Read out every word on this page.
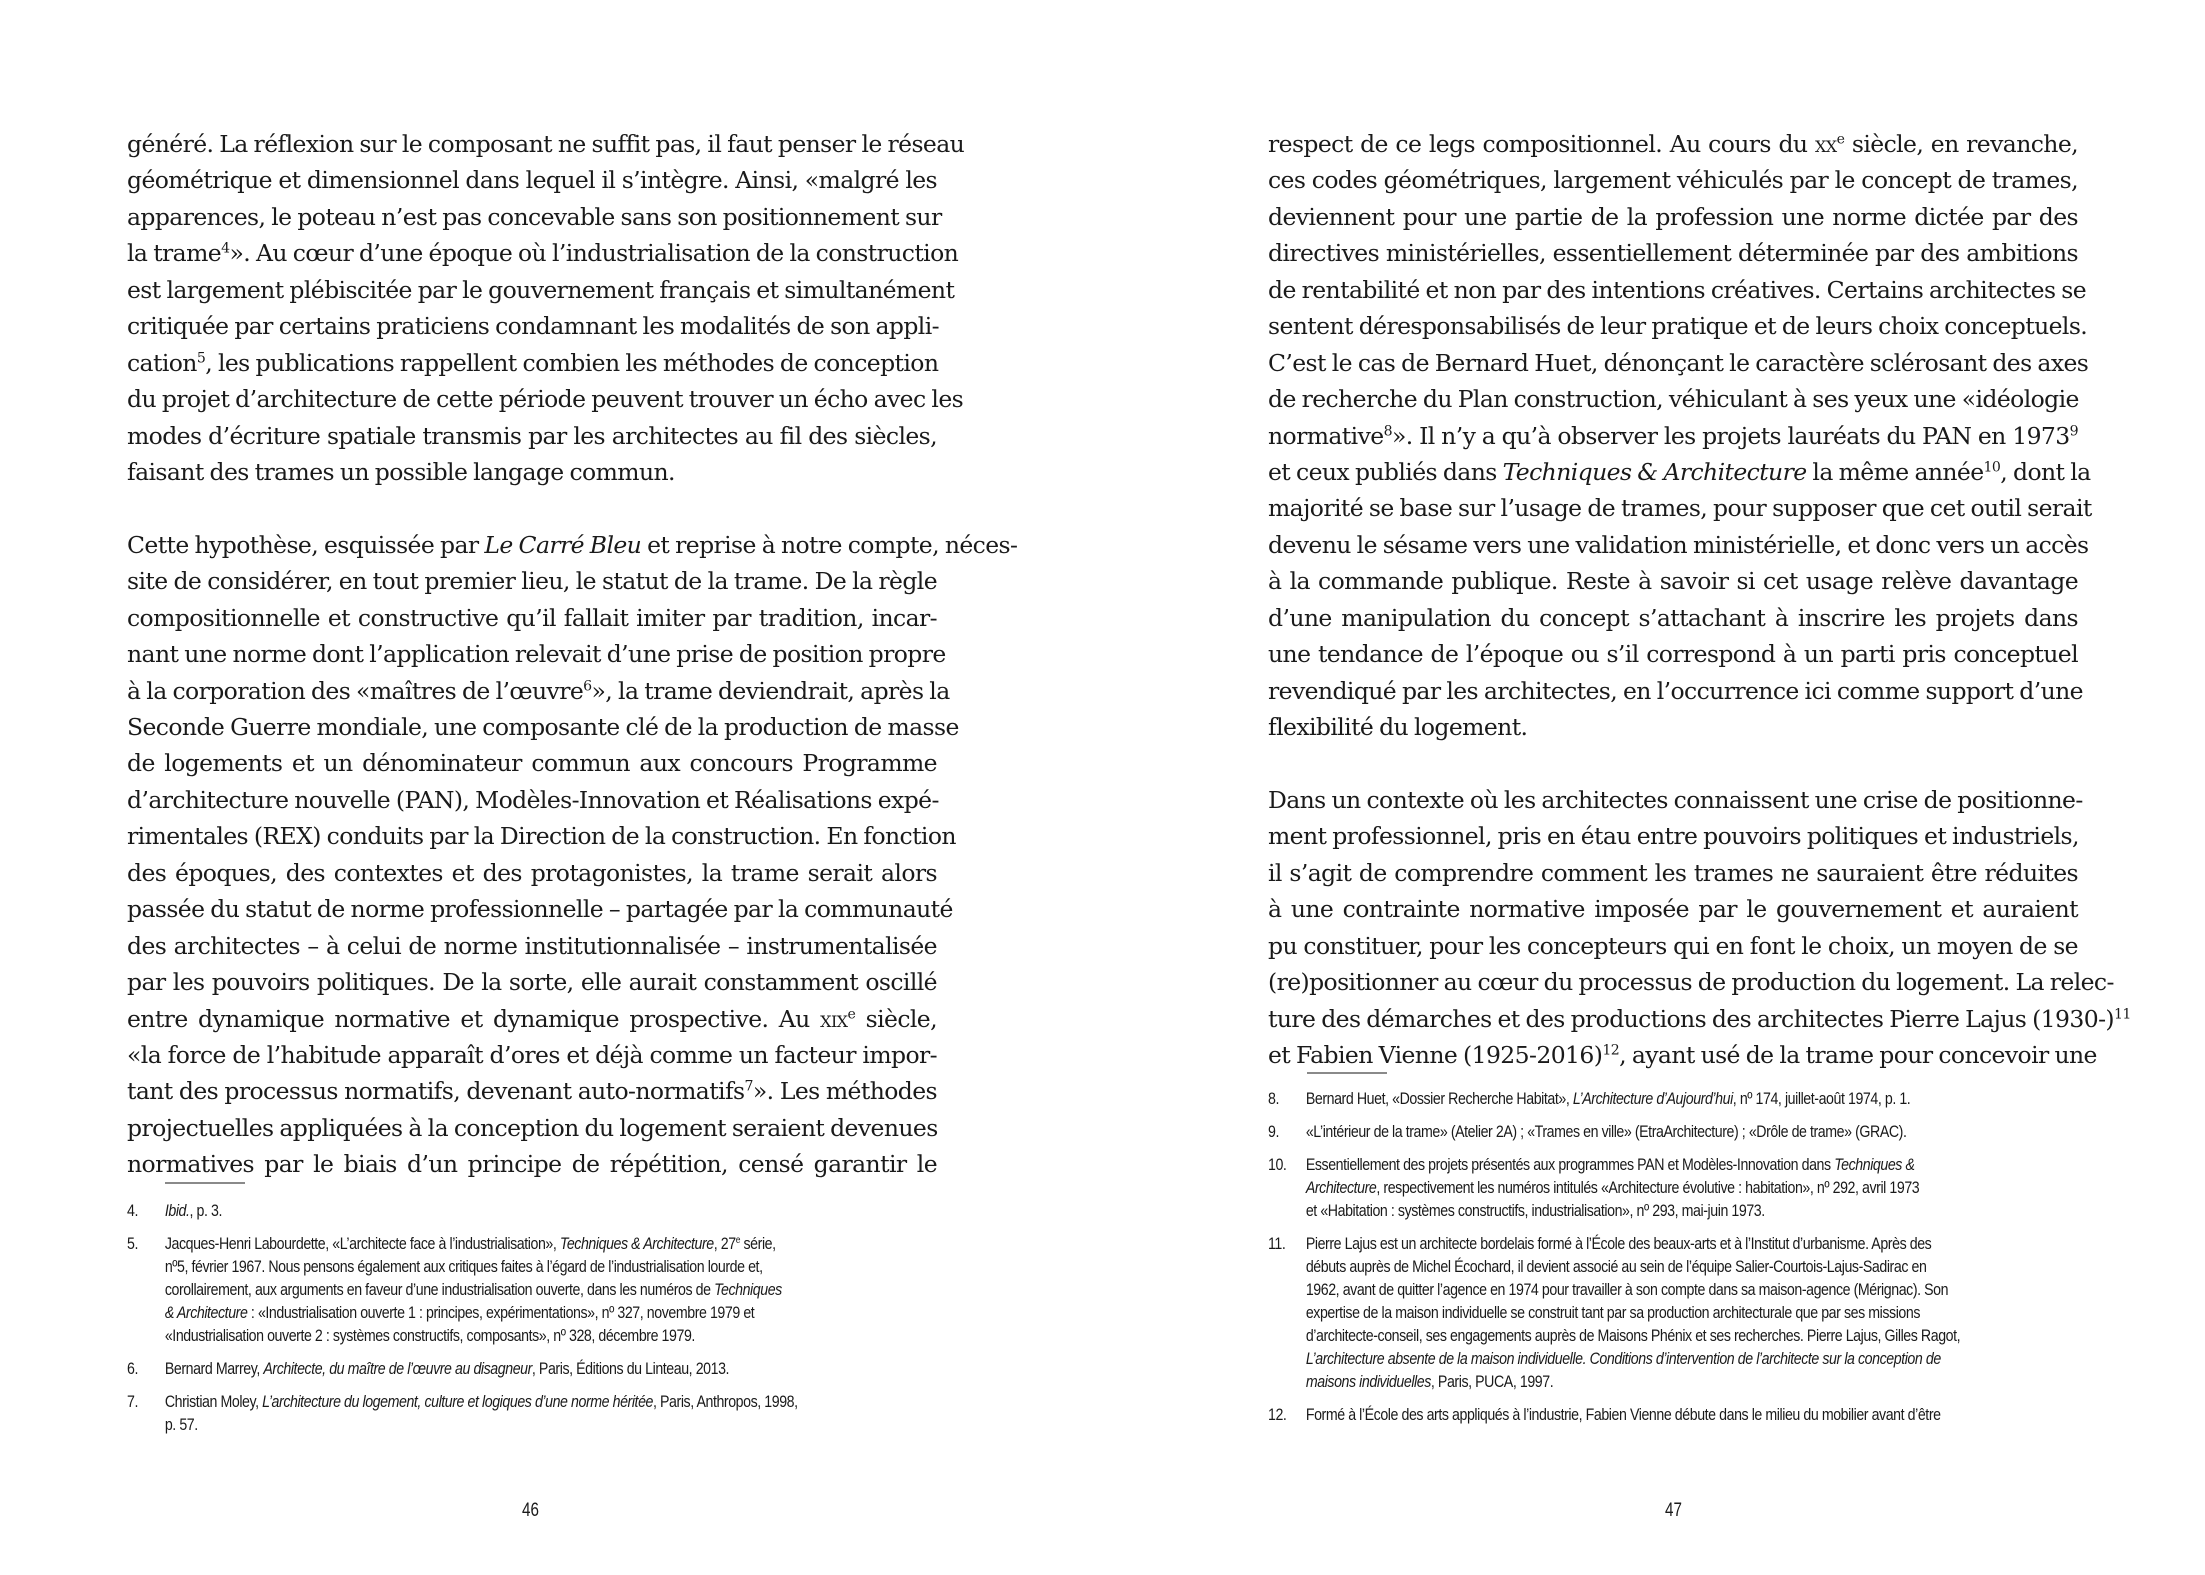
généré. La réflexion sur le composant ne suffit pas, il faut penser le réseau
géométrique et dimensionnel dans lequel il s’intègre. Ainsi, «malgré les
apparences, le poteau n’est pas concevable sans son positionnement sur
la trame$^4$». Au cœur d’une époque où l’industrialisation de la construction
est largement plébiscitée par le gouvernement français et simultanément
critiquée par certains praticiens condamnant les modalités de son appli-
cation$^5$, les publications rappellent combien les méthodes de conception
du projet d’architecture de cette période peuvent trouver un écho avec les
modes d’écriture spatiale transmis par les architectes au fil des siècles,
faisant des trames un possible langage commun.
Cette hypothèse, esquissée par Le Carré Bleu et reprise à notre compte, néces-
site de considérer, en tout premier lieu, le statut de la trame. De la règle
compositionnelle et constructive qu’il fallait imiter par tradition, incar-
nant une norme dont l’application relevait d’une prise de position propre
à la corporation des «maîtres de l’œuvre$^6$», la trame deviendrait, après la
Seconde Guerre mondiale, une composante clé de la production de masse
de logements et un dénominateur commun aux concours Programme
d’architecture nouvelle (PAN), Modèles-Innovation et Réalisations expé-
rimentales (REX) conduits par la Direction de la construction. En fonction
des époques, des contextes et des protagonistes, la trame serait alors
passée du statut de norme professionnelle – partagée par la communauté
des architectes – à celui de norme institutionnalisée – instrumentalisée
par les pouvoirs politiques. De la sorte, elle aurait constamment oscillé
entre dynamique normative et dynamique prospective. Au xix$^e$ siècle,
«la force de l’habitude apparaît d’ores et déjà comme un facteur impor-
tant des processus normatifs, devenant auto-normatifs$^7$». Les méthodes
projectuelles appliquées à la conception du logement seraient devenues
normatives par le biais d’un principe de répétition, censé garantir le
4.	Ibid., p. 3.
5.	Jacques-Henri Labourdette, «L’architecte face à l’industrialisation», Techniques & Architecture, 27e série,
nº5, février 1967. Nous pensons également aux critiques faites à l’égard de l’industrialisation lourde et,
corollairement, aux arguments en faveur d’une industrialisation ouverte, dans les numéros de Techniques
& Architecture : «Industrialisation ouverte 1 : principes, expérimentations», nº 327, novembre 1979 et
«Industrialisation ouverte 2 : systèmes constructifs, composants», nº 328, décembre 1979.
6.	Bernard Marrey, Architecte, du maître de l’œuvre au disagneur, Paris, Éditions du Linteau, 2013.
7.	Christian Moley, L’architecture du logement, culture et logiques d’une norme héritée, Paris, Anthropos, 1998,
p. 57.
46
respect de ce legs compositionnel. Au cours du $xx^e$ siècle, en revanche,
ces codes géométriques, largement véhiculés par le concept de trames,
deviennent pour une partie de la profession une norme dictée par des
directives ministérielles, essentiellement déterminée par des ambitions
de rentabilité et non par des intentions créatives. Certains architectes se
sentent déresponsabilisés de leur pratique et de leurs choix conceptuels.
C’est le cas de Bernard Huet, dénonçant le caractère sclérosant des axes
de recherche du Plan construction, véhiculant à ses yeux une «idéologie
normative$^8$». Il n’y a qu’à observer les projets lauréats du PAN en 1973$^9$
et ceux publiés dans Techniques & Architecture la même année$^{10}$, dont la
majorité se base sur l’usage de trames, pour supposer que cet outil serait
devenu le sésame vers une validation ministérielle, et donc vers un accès
à la commande publique. Reste à savoir si cet usage relève davantage
d’une manipulation du concept s’attachant à inscrire les projets dans
une tendance de l’époque ou s’il correspond à un parti pris conceptuel
revendiqué par les architectes, en l’occurrence ici comme support d’une
flexibilité du logement.
Dans un contexte où les architectes connaissent une crise de positionne-
ment professionnel, pris en étau entre pouvoirs politiques et industriels,
il s’agit de comprendre comment les trames ne sauraient être réduites
à une contrainte normative imposée par le gouvernement et auraient
pu constituer, pour les concepteurs qui en font le choix, un moyen de se
(re)positionner au cœur du processus de production du logement. La relec-
ture des démarches et des productions des architectes Pierre Lajus $(1930-)^{11}$
et Fabien Vienne (1925-2016)$^{12}$, ayant usé de la trame pour concevoir une
8.	Bernard Huet, «Dossier Recherche Habitat», L’Architecture d’Aujourd’hui, nº 174, juillet-août 1974, p. 1.
9.	«L’intérieur de la trame» (Atelier 2A) ; «Trames en ville» (EtraArchitecture) ; «Drôle de trame» (GRAC).
10.	Essentiellement des projets présentés aux programmes PAN et Modèles-Innovation dans Techniques &
Architecture, respectivement les numéros intitulés «Architecture évolutive : habitation», nº 292, avril 1973
et «Habitation : systèmes constructifs, industrialisation», nº 293, mai-juin 1973.
11.	Pierre Lajus est un architecte bordelais formé à l’École des beaux-arts et à l’Institut d’urbanisme. Après des
débuts auprès de Michel Écochard, il devient associé au sein de l’équipe Salier-Courtois-Lajus-Sadirac en
1962, avant de quitter l’agence en 1974 pour travailler à son compte dans sa maison-agence (Mérignac). Son
expertise de la maison individuelle se construit tant par sa production architecturale que par ses missions
d’architecte-conseil, ses engagements auprès de Maisons Phénix et ses recherches. Pierre Lajus, Gilles Ragot,
L’architecture absente de la maison individuelle. Conditions d’intervention de l’architecte sur la conception de
maisons individuelles, Paris, PUCA, 1997.
12.	Formé à l’École des arts appliqués à l’industrie, Fabien Vienne débute dans le milieu du mobilier avant d’être
47
